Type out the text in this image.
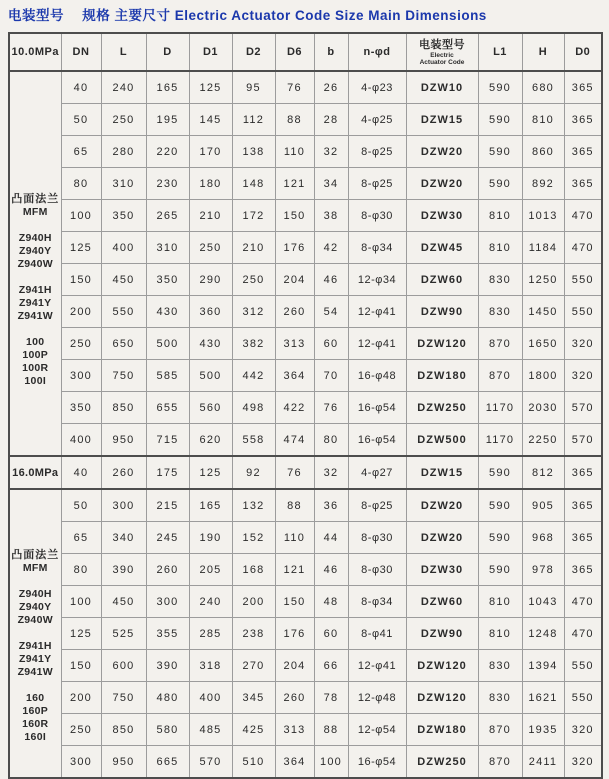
电装型号　 规格 主要尺寸 Electric Actuator Code Size Main Dimensions
10.0MPa	DN	L	D	D1	D2	D6	b	n-φd	电装型号
Electric
Actuator Code	L1	H	D0

凸面法兰
MFM
Z940H
Z940Y
Z940W
Z941H
Z941Y
Z941W
100
100P
100R
100I
	40	240	165	125	95	76	26	4-φ23	DZW10	590	680	365
	50	250	195	145	112	88	28	4-φ25	DZW15	590	810	365
	65	280	220	170	138	110	32	8-φ25	DZW20	590	860	365
	80	310	230	180	148	121	34	8-φ25	DZW20	590	892	365
	100	350	265	210	172	150	38	8-φ30	DZW30	810	1013	470
	125	400	310	250	210	176	42	8-φ34	DZW45	810	1184	470
	150	450	350	290	250	204	46	12-φ34	DZW60	830	1250	550
	200	550	430	360	312	260	54	12-φ41	DZW90	830	1450	550
	250	650	500	430	382	313	60	12-φ41	DZW120	870	1650	320
	300	750	585	500	442	364	70	16-φ48	DZW180	870	1800	320
	350	850	655	560	498	422	76	16-φ54	DZW250	1170	2030	570
	400	950	715	620	558	474	80	16-φ54	DZW500	1170	2250	570
16.0MPa	40	260	175	125	92	76	32	4-φ27	DZW15	590	812	365

凸面法兰
MFM
Z940H
Z940Y
Z940W
Z941H
Z941Y
Z941W
160
160P
160R
160I
	50	300	215	165	132	88	36	8-φ25	DZW20	590	905	365
	65	340	245	190	152	110	44	8-φ30	DZW20	590	968	365
	80	390	260	205	168	121	46	8-φ30	DZW30	590	978	365
	100	450	300	240	200	150	48	8-φ34	DZW60	810	1043	470
	125	525	355	285	238	176	60	8-φ41	DZW90	810	1248	470
	150	600	390	318	270	204	66	12-φ41	DZW120	830	1394	550
	200	750	480	400	345	260	78	12-φ48	DZW120	830	1621	550
	250	850	580	485	425	313	88	12-φ54	DZW180	870	1935	320
	300	950	665	570	510	364	100	16-φ54	DZW250	870	2411	320
